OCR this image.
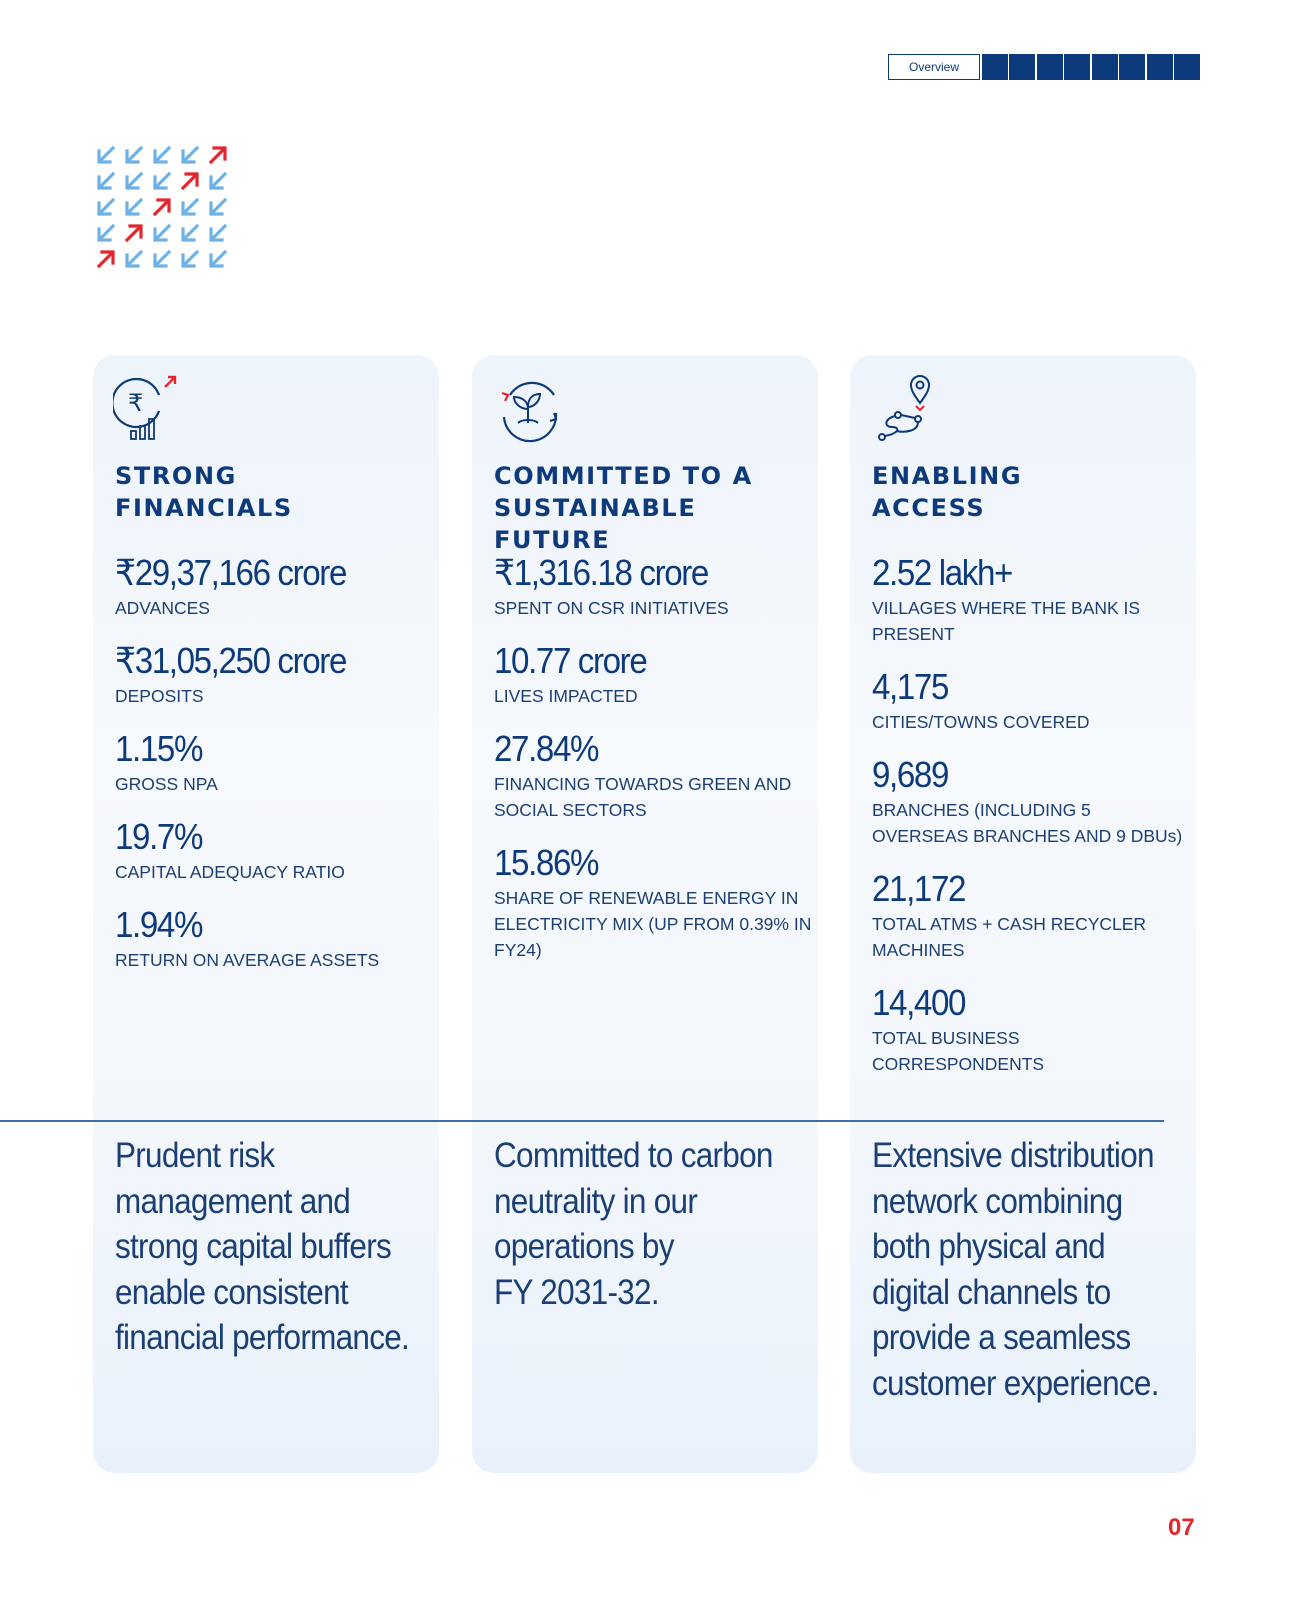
Overview
₹
STRONG
FINANCIALS
₹29,37,166 crore
ADVANCES
₹31,05,250 crore
DEPOSITS
1.15%
GROSS NPA
19.7%
CAPITAL ADEQUACY RATIO
1.94%
RETURN ON AVERAGE ASSETS
COMMITTED TO A
SUSTAINABLE FUTURE
₹1,316.18 crore
SPENT ON CSR INITIATIVES
10.77 crore
LIVES IMPACTED
27.84%
FINANCING TOWARDS GREEN AND SOCIAL SECTORS
15.86%
SHARE OF RENEWABLE ENERGY IN ELECTRICITY MIX (UP FROM 0.39% IN FY24)
ENABLING
ACCESS
2.52 lakh+
VILLAGES WHERE THE BANK IS PRESENT
4,175
CITIES/TOWNS COVERED
9,689
BRANCHES (INCLUDING 5 OVERSEAS BRANCHES AND 9 DBUs)
21,172
TOTAL ATMS + CASH RECYCLER MACHINES
14,400
TOTAL BUSINESS CORRESPONDENTS
Prudent risk
management and
strong capital buffers
enable consistent
financial performance.
Committed to carbon
neutrality in our
operations by
FY 2031-32.
Extensive distribution
network combining
both physical and
digital channels to
provide a seamless
customer experience.
07
